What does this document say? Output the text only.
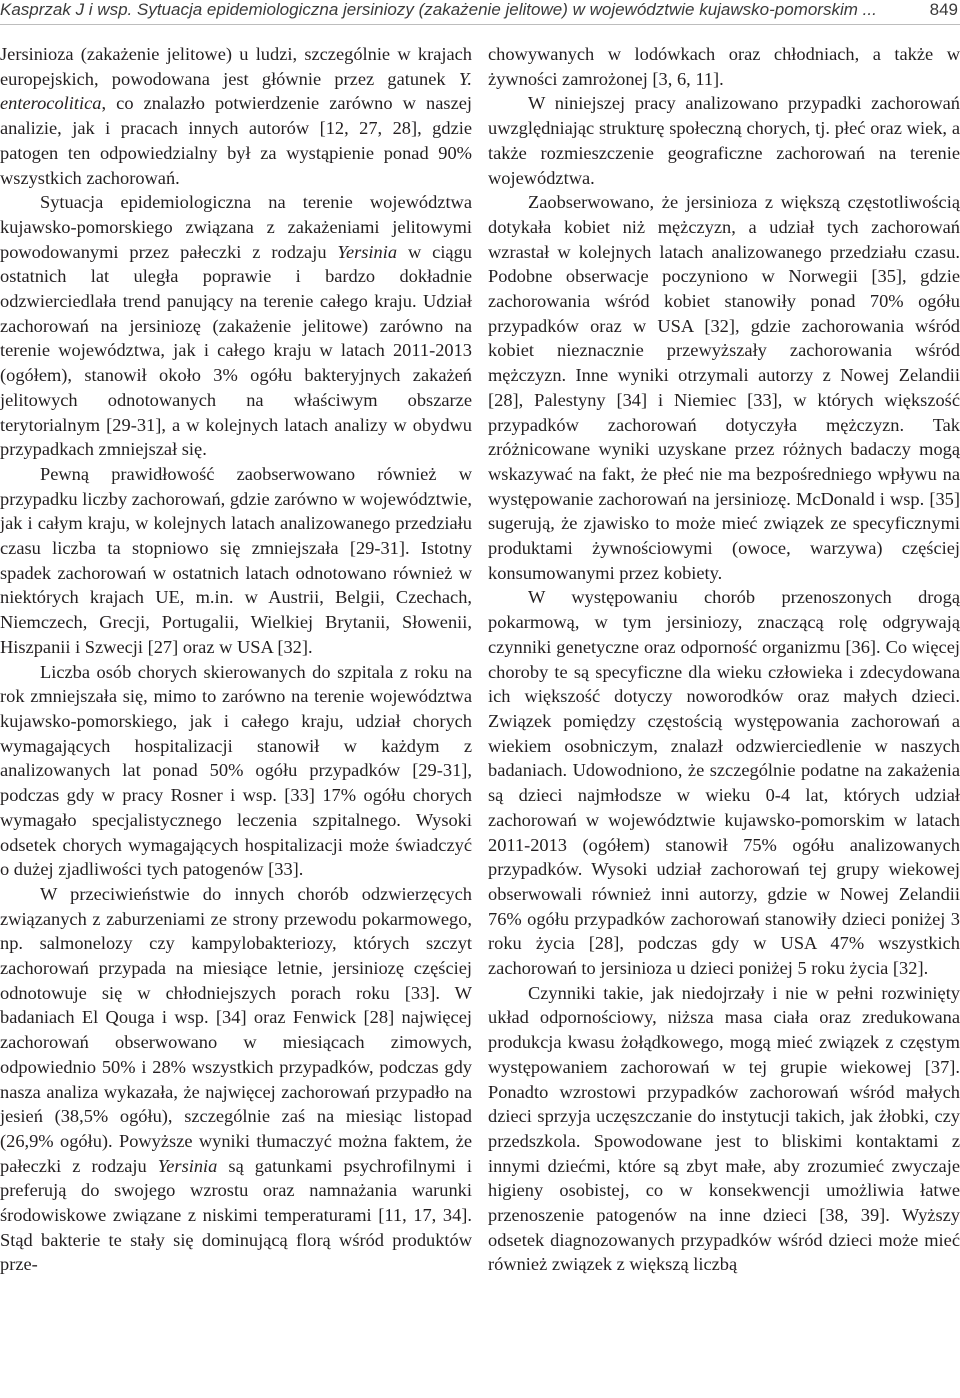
Kasprzak J i wsp. Sytuacja epidemiologiczna jersiniozy (zakażenie jelitowe) w województwie kujawsko-pomorskim ...	849

Jersinioza (zakażenie jelitowe) u ludzi, szczególnie w krajach europejskich, powodowana jest głównie przez gatunek Y. enterocolitica, co znalazło potwierdzenie zarówno w naszej analizie, jak i pracach innych autorów [12, 27, 28], gdzie patogen ten odpowiedzialny był za wystąpienie ponad 90% wszystkich zachorowań.

Sytuacja epidemiologiczna na terenie województwa kujawsko-pomorskiego związana z zakażeniami jelitowymi powodowanymi przez pałeczki z rodzaju Yersinia w ciągu ostatnich lat uległa poprawie i bardzo dokładnie odzwierciedlała trend panujący na terenie całego kraju. Udział zachorowań na jersiniozę (zakażenie jelitowe) zarówno na terenie województwa, jak i całego kraju w latach 2011-2013 (ogółem), stanowił około 3% ogółu bakteryjnych zakażeń jelitowych odnotowanych na właściwym obszarze terytorialnym [29-31], a w kolejnych latach analizy w obydwu przypadkach zmniejszał się.

Pewną prawidłowość zaobserwowano również w przypadku liczby zachorowań, gdzie zarówno w województwie, jak i całym kraju, w kolejnych latach analizowanego przedziału czasu liczba ta stopniowo się zmniejszała [29-31]. Istotny spadek zachorowań w ostatnich latach odnotowano również w niektórych krajach UE, m.in. w Austrii, Belgii, Czechach, Niemczech, Grecji, Portugalii, Wielkiej Brytanii, Słowenii, Hiszpanii i Szwecji [27] oraz w USA [32].

Liczba osób chorych skierowanych do szpitala z roku na rok zmniejszała się, mimo to zarówno na terenie województwa kujawsko-pomorskiego, jak i całego kraju, udział chorych wymagających hospitalizacji stanowił w każdym z analizowanych lat ponad 50% ogółu przypadków [29-31], podczas gdy w pracy Rosner i wsp. [33] 17% ogółu chorych wymagało specjalistycznego leczenia szpitalnego. Wysoki odsetek chorych wymagających hospitalizacji może świadczyć o dużej zjadliwości tych patogenów [33].

W przeciwieństwie do innych chorób odzwierzęcych związanych z zaburzeniami ze strony przewodu pokarmowego, np. salmonelozy czy kampylobakteriozy, których szczyt zachorowań przypada na miesiące letnie, jersiniozę częściej odnotowuje się w chłodniejszych porach roku [33]. W badaniach El Qouga i wsp. [34] oraz Fenwick [28] najwięcej zachorowań obserwowano w miesiącach zimowych, odpowiednio 50% i 28% wszystkich przypadków, podczas gdy nasza analiza wykazała, że najwięcej zachorowań przypadło na jesień (38,5% ogółu), szczególnie zaś na miesiąc listopad (26,9% ogółu). Powyższe wyniki tłumaczyć można faktem, że pałeczki z rodzaju Yersinia są gatunkami psychrofilnymi i preferują do swojego wzrostu oraz namnażania warunki środowiskowe związane z niskimi temperaturami [11, 17, 34]. Stąd bakterie te stały się dominującą florą wśród produktów prze-

chowywanych w lodówkach oraz chłodniach, a także w żywności zamrożonej [3, 6, 11].

W niniejszej pracy analizowano przypadki zachorowań uwzględniając strukturę społeczną chorych, tj. płeć oraz wiek, a także rozmieszczenie geograficzne zachorowań na terenie województwa.

Zaobserwowano, że jersinioza z większą częstotliwością dotykała kobiet niż mężczyzn, a udział tych zachorowań wzrastał w kolejnych latach analizowanego przedziału czasu. Podobne obserwacje poczyniono w Norwegii [35], gdzie zachorowania wśród kobiet stanowiły ponad 70% ogółu przypadków oraz w USA [32], gdzie zachorowania wśród kobiet nieznacznie przewyższały zachorowania wśród mężczyzn. Inne wyniki otrzymali autorzy z Nowej Zelandii [28], Palestyny [34] i Niemiec [33], w których większość przypadków zachorowań dotyczyła mężczyzn. Tak zróżnicowane wyniki uzyskane przez różnych badaczy mogą wskazywać na fakt, że płeć nie ma bezpośredniego wpływu na występowanie zachorowań na jersiniozę. McDonald i wsp. [35] sugerują, że zjawisko to może mieć związek ze specyficznymi produktami żywnościowymi (owoce, warzywa) częściej konsumowanymi przez kobiety.

W występowaniu chorób przenoszonych drogą pokarmową, w tym jersiniozy, znaczącą rolę odgrywają czynniki genetyczne oraz odporność organizmu [36]. Co więcej choroby te są specyficzne dla wieku człowieka i zdecydowana ich większość dotyczy noworodków oraz małych dzieci. Związek pomiędzy częstością występowania zachorowań a wiekiem osobniczym, znalazł odzwierciedlenie w naszych badaniach. Udowodniono, że szczególnie podatne na zakażenia są dzieci najmłodsze w wieku 0-4 lat, których udział zachorowań w województwie kujawsko-pomorskim w latach 2011-2013 (ogółem) stanowił 75% ogółu analizowanych przypadków. Wysoki udział zachorowań tej grupy wiekowej obserwowali również inni autorzy, gdzie w Nowej Zelandii 76% ogółu przypadków zachorowań stanowiły dzieci poniżej 3 roku życia [28], podczas gdy w USA 47% wszystkich zachorowań to jersinioza u dzieci poniżej 5 roku życia [32].

Czynniki takie, jak niedojrzały i nie w pełni rozwinięty układ odpornościowy, niższa masa ciała oraz zredukowana produkcja kwasu żołądkowego, mogą mieć związek z częstym występowaniem zachorowań w tej grupie wiekowej [37]. Ponadto wzrostowi przypadków zachorowań wśród małych dzieci sprzyja uczęszczanie do instytucji takich, jak żłobki, czy przedszkola. Spowodowane jest to bliskimi kontaktami z innymi dziećmi, które są zbyt małe, aby zrozumieć zwyczaje higieny osobistej, co w konsekwencji umożliwia łatwe przenoszenie patogenów na inne dzieci [38, 39]. Wyższy odsetek diagnozowanych przypadków wśród dzieci może mieć również związek z większą liczbą
